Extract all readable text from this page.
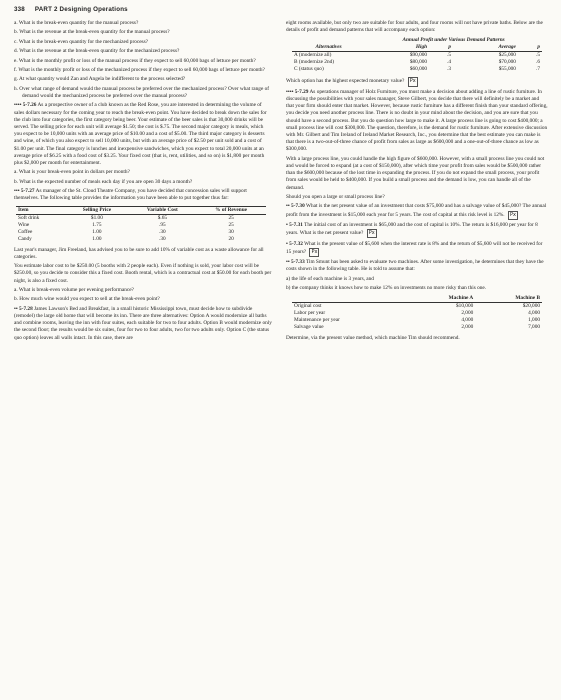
338 PART 2 Designing Operations

a. What is the break-even quantity for the manual process?

b. What is the revenue at the break-even quantity for the manual process?

c. What is the break-even quantity for the mechanized process?

d. What is the revenue at the break-even quantity for the mechanized process?

e. What is the monthly profit or loss of the manual process if they expect to sell 60,000 bags of lettuce per month?

f. What is the monthly profit or loss of the mechanized process if they expect to sell 60,000 bags of lettuce per month?

g. At what quantity would Zan and Angela be indifferent to the process selected?

h. Over what range of demand would the manual process be preferred over the mechanized process? Over what range of demand would the mechanized process be preferred over the manual process?

•••• 5-7.26 As a prospective owner of a club known as the Red Rose, you are interested in determining the volume of sales dollars necessary for the coming year to reach the break-even point. You have decided to break down the sales for the club into four categories, the first category being beer. Your estimate of the beer sales is that 30,000 drinks will be served. The selling price for each unit will average $1.50; the cost is $.75. The second major category is meals, which you expect to be 10,000 units with an average price of $10.00 and a cost of $5.00. The third major category is desserts and wine, of which you also expect to sell 10,000 units, but with an average price of $2.50 per unit sold and a cost of $1.00 per unit. The final category is lunches and inexpensive sandwiches, which you expect to total 20,000 units at an average price of $6.25 with a food cost of $3.25. Your fixed cost (that is, rent, utilities, and so on) is $1,800 per month plus $2,000 per month for entertainment.

a. What is your break-even point in dollars per month?

b. What is the expected number of meals each day if you are open 30 days a month?

••• 5-7.27 As manager of the St. Cloud Theatre Company, you have decided that concession sales will support themselves. The following table provides the information you have been able to put together thus far:

Item	Selling Price	Variable Cost	% of Revenue
Soft drink	$1.00	$.65	25
Wine	1.75	.95	25
Coffee	1.00	.30	30
Candy	1.00	.30	20

Last year's manager, Jim Freeland, has advised you to be sure to add 10% of variable cost as a waste allowance for all categories.

You estimate labor cost to be $250.00 (5 booths with 2 people each). Even if nothing is sold, your labor cost will be $250.00, so you decide to consider this a fixed cost. Booth rental, which is a contractual cost at $50.00 for each booth per night, is also a fixed cost.

a. What is break-even volume per evening performance?

b. How much wine would you expect to sell at the break-even point?

•• 5-7.28 James Lawson's Bed and Breakfast, in a small historic Mississippi town, must decide how to subdivide (remodel) the large old home that will become its inn. There are three alternatives: Option A would modernize all baths and combine rooms, leaving the inn with four suites, each suitable for two to four adults. Option B would modernize only the second floor; the results would be six suites, four for two to four adults, two for two adults only. Option C (the status quo option) leaves all walls intact. In this case, there are

eight rooms available, but only two are suitable for four adults, and four rooms will not have private baths. Below are the details of profit and demand patterns that will accompany each option:

	Annual Profit under Various Demand Patterns			
Alternatives	High	p	Average	p
A (modernize all)	$90,000	.5	$25,000	.5
B (modernize 2nd)	$80,000	.4	$70,000	.6
C (status quo)	$60,000	.3	$55,000	.7

Which option has the highest expected monetary value? Px

•••• 5-7.29 As operations manager of Holz Furniture, you must make a decision about adding a line of rustic furniture. In discussing the possibilities with your sales manager, Steve Gilbert, you decide that there will definitely be a market and that your firm should enter that market. However, because rustic furniture has a different finish than your standard offering, you decide you need another process line. There is no doubt in your mind about the decision, and you are sure that you should have a second process. But you do question how large to make it. A large process line is going to cost $400,000; a small process line will cost $300,000. The question, therefore, is the demand for rustic furniture. After extensive discussion with Mr. Gilbert and Tim Ireland of Ireland Market Research, Inc., you determine that the best estimate you can make is that there is a two-out-of-three chance of profit from sales as large as $600,000 and a one-out-of-three chance as low as $300,000.

With a large process line, you could handle the high figure of $600,000. However, with a small process line you could not and would be forced to expand (at a cost of $150,000), after which time your profit from sales would be $500,000 rather than the $600,000 because of the lost time in expanding the process. If you do not expand the small process, your profit from sales would be held to $400,000. If you build a small process and the demand is low, you can handle all of the demand.

Should you open a large or small process line?

•• 5-7.30 What is the net present value of an investment that costs $75,000 and has a salvage value of $45,000? The annual profit from the investment is $15,000 each year for 5 years. The cost of capital at this risk level is 12%. Px

• 5-7.31 The initial cost of an investment is $65,000 and the cost of capital is 10%. The return is $16,000 per year for 8 years. What is the net present value? Px

• 5-7.32 What is the present value of $5,600 when the interest rate is 8% and the return of $5,600 will not be received for 15 years? Px

•• 5-7.33 Tim Smunt has been asked to evaluate two machines. After some investigation, he determines that they have the costs shown in the following table. He is told to assume that:

a) the life of each machine is 3 years, and

b) the company thinks it knows how to make 12% on investments no more risky than this one.

	Machine A	Machine B
Original cost	$10,000	$20,000
Labor per year	2,000	4,000
Maintenance per year	4,000	1,000
Salvage value	2,000	7,000

Determine, via the present value method, which machine Tim should recommend.
